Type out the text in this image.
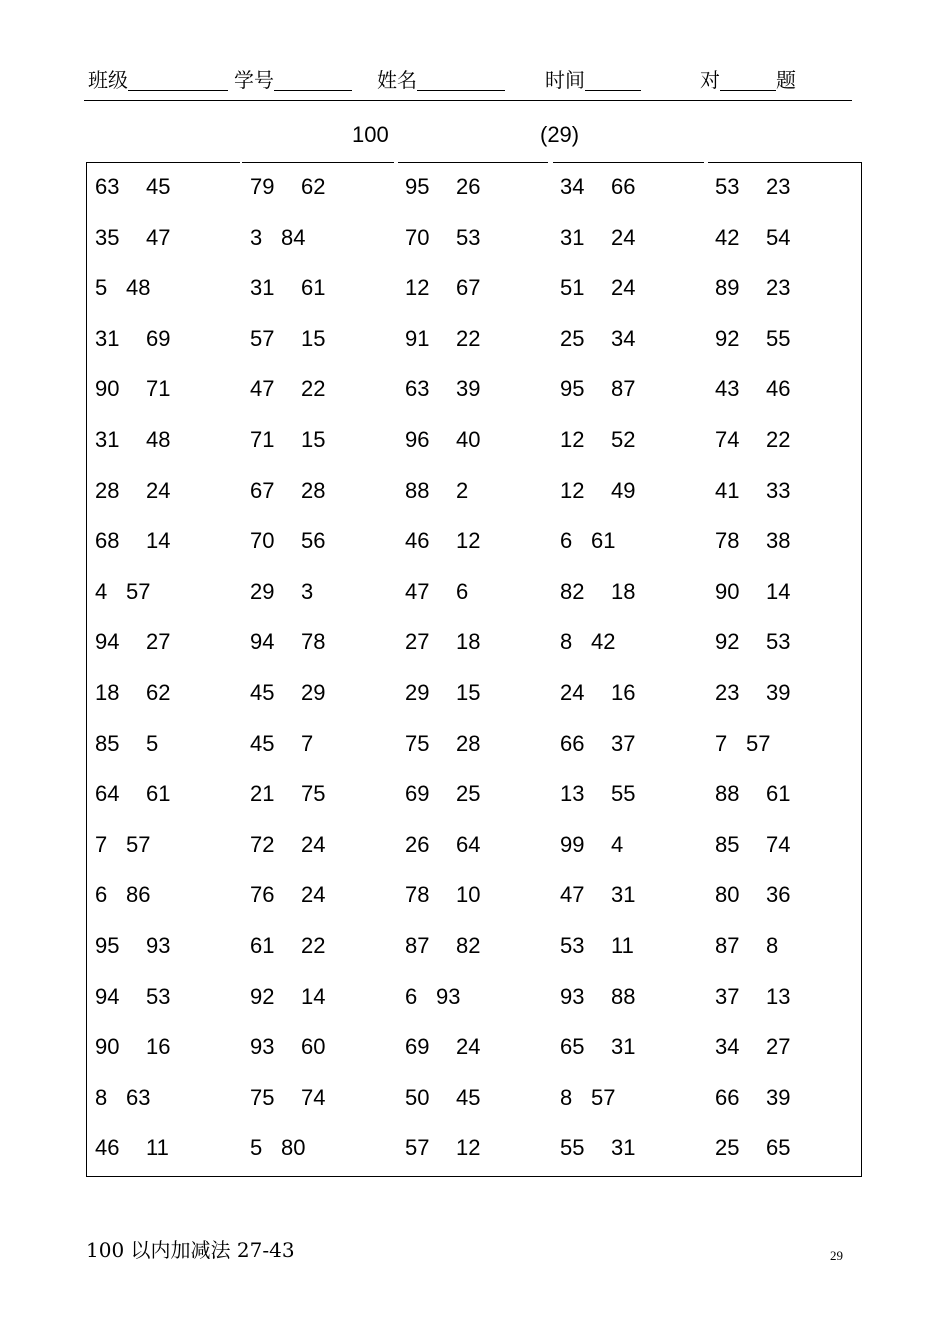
班级	学号	姓名	时间	对	题
100	(29)
63 45	79 62	95 26	34 66	53 23
35 47	3 84	70 53	31 24	42 54
5 48	31 61	12 67	51 24	89 23
31 69	57 15	91 22	25 34	92 55
90 71	47 22	63 39	95 87	43 46
31 48	71 15	96 40	12 52	74 22
28 24	67 28	88 2	12 49	41 33
68 14	70 56	46 12	6 61	78 38
4 57	29 3	47 6	82 18	90 14
94 27	94 78	27 18	8 42	92 53
18 62	45 29	29 15	24 16	23 39
85 5	45 7	75 28	66 37	7 57
64 61	21 75	69 25	13 55	88 61
7 57	72 24	26 64	99 4	85 74
6 86	76 24	78 10	47 31	80 36
95 93	61 22	87 82	53 11	87 8
94 53	92 14	6 93	93 88	37 13
90 16	93 60	69 24	65 31	34 27
8 63	75 74	50 45	8 57	66 39
46 11	5 80	57 12	55 31	25 65
100 以内加减法 27-43	29
